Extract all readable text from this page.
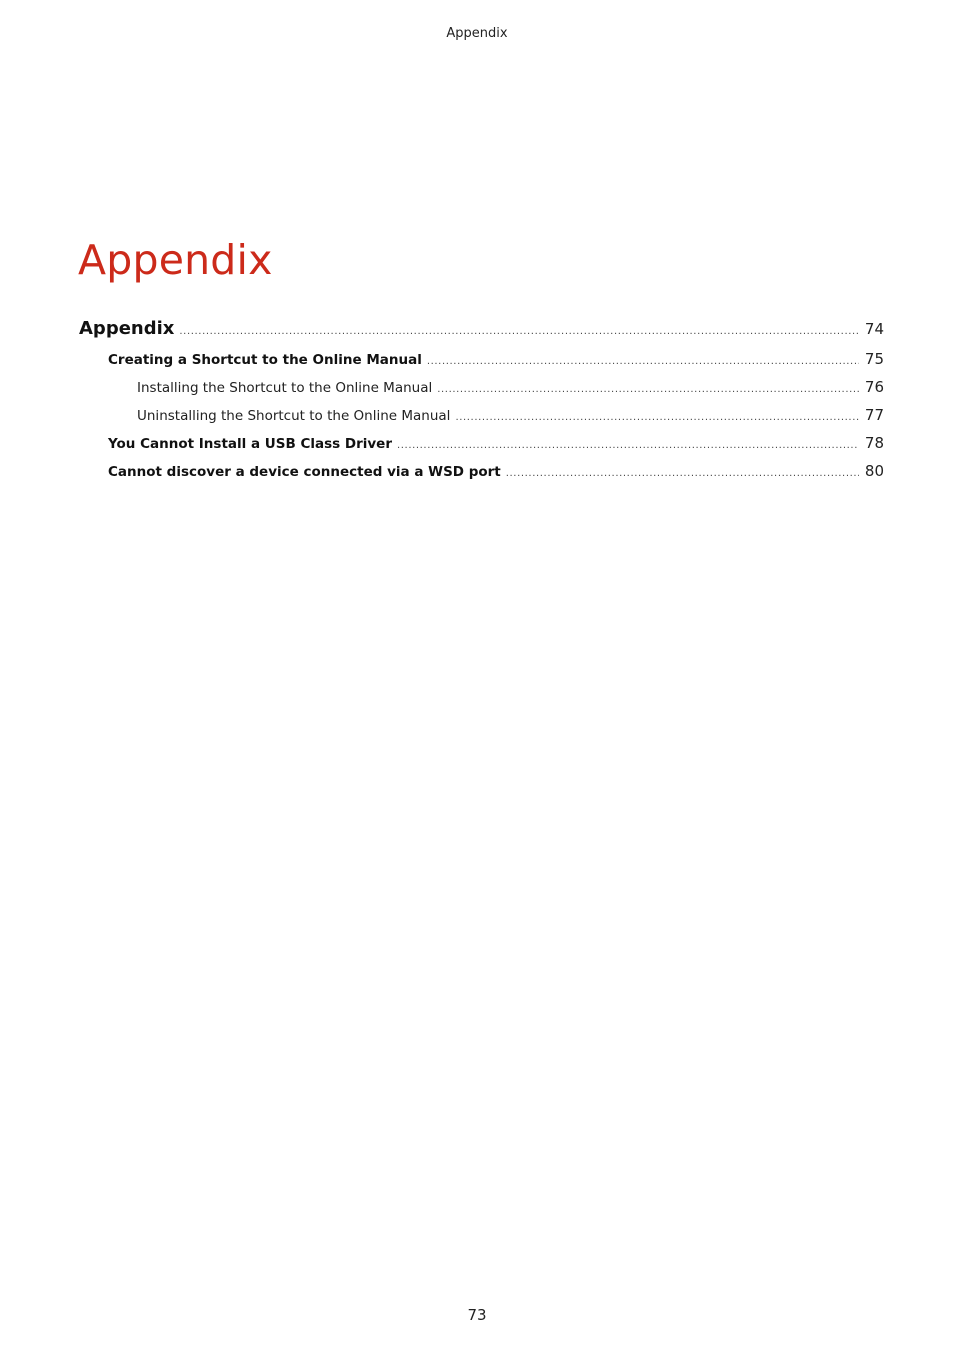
Appendix
Appendix
Appendix .....	74
Creating a Shortcut to the Online Manual .....	75
Installing the Shortcut to the Online Manual .....	76
Uninstalling the Shortcut to the Online Manual .....	77
You Cannot Install a USB Class Driver .....	78
Cannot discover a device connected via a WSD port .....	80
73
